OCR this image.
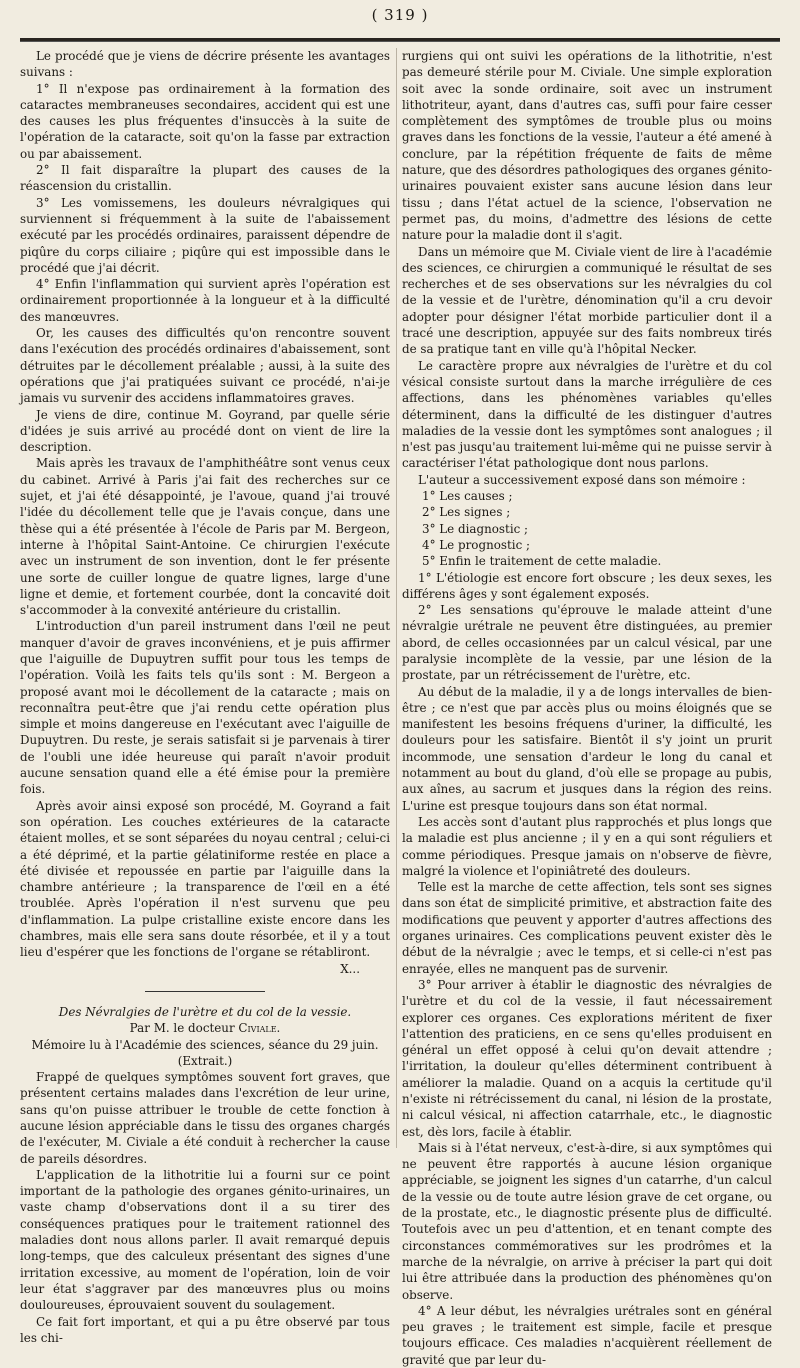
( 319 )

Le procédé que je viens de décrire présente les avantages suivans :

1° Il n'expose pas ordinairement à la formation des cataractes membraneuses secondaires, accident qui est une des causes les plus fréquentes d'insuccès à la suite de l'opération de la cataracte, soit qu'on la fasse par extraction ou par abaissement.

2° Il fait disparaître la plupart des causes de la réascension du cristallin.

3° Les vomissemens, les douleurs névralgiques qui surviennent si fréquemment à la suite de l'abaissement exécuté par les procédés ordinaires, paraissent dépendre de piqûre du corps ciliaire ; piqûre qui est impossible dans le procédé que j'ai décrit.

4° Enfin l'inflammation qui survient après l'opération est ordinairement proportionnée à la longueur et à la difficulté des manœuvres.

Or, les causes des difficultés qu'on rencontre souvent dans l'exécution des procédés ordinaires d'abaissement, sont détruites par le décollement préalable ; aussi, à la suite des opérations que j'ai pratiquées suivant ce procédé, n'ai-je jamais vu survenir des accidens inflammatoires graves.

Je viens de dire, continue M. Goyrand, par quelle série d'idées je suis arrivé au procédé dont on vient de lire la description.

Mais après les travaux de l'amphithéâtre sont venus ceux du cabinet. Arrivé à Paris j'ai fait des recherches sur ce sujet, et j'ai été désappointé, je l'avoue, quand j'ai trouvé l'idée du décollement telle que je l'avais conçue, dans une thèse qui a été présentée à l'école de Paris par M. Bergeon, interne à l'hôpital Saint-Antoine. Ce chirurgien l'exécute avec un instrument de son invention, dont le fer présente une sorte de cuiller longue de quatre lignes, large d'une ligne et demie, et fortement courbée, dont la concavité doit s'accommoder à la convexité antérieure du cristallin.

L'introduction d'un pareil instrument dans l'œil ne peut manquer d'avoir de graves inconvéniens, et je puis affirmer que l'aiguille de Dupuytren suffit pour tous les temps de l'opération. Voilà les faits tels qu'ils sont : M. Bergeon a proposé avant moi le décollement de la cataracte ; mais on reconnaîtra peut-être que j'ai rendu cette opération plus simple et moins dangereuse en l'exécutant avec l'aiguille de Dupuytren. Du reste, je serais satisfait si je parvenais à tirer de l'oubli une idée heureuse qui paraît n'avoir produit aucune sensation quand elle a été émise pour la première fois.

Après avoir ainsi exposé son procédé, M. Goyrand a fait son opération. Les couches extérieures de la cataracte étaient molles, et se sont séparées du noyau central ; celui-ci a été déprimé, et la partie gélatiniforme restée en place a été divisée et repoussée en partie par l'aiguille dans la chambre antérieure ; la transparence de l'œil en a été troublée. Après l'opération il n'est survenu que peu d'inflammation. La pulpe cristalline existe encore dans les chambres, mais elle sera sans doute résorbée, et il y a tout lieu d'espérer que les fonctions de l'organe se rétabliront.

X...

Des Névralgies de l'urètre et du col de la vessie.

Par M. le docteur Civiale.

Mémoire lu à l'Académie des sciences, séance du 29 juin.

(Extrait.)

Frappé de quelques symptômes souvent fort graves, que présentent certains malades dans l'excrétion de leur urine, sans qu'on puisse attribuer le trouble de cette fonction à aucune lésion appréciable dans le tissu des organes chargés de l'exécuter, M. Civiale a été conduit à rechercher la cause de pareils désordres.

L'application de la lithotritie lui a fourni sur ce point important de la pathologie des organes génito-urinaires, un vaste champ d'observations dont il a su tirer des conséquences pratiques pour le traitement rationnel des maladies dont nous allons parler. Il avait remarqué depuis long-temps, que des calculeux présentant des signes d'une irritation excessive, au moment de l'opération, loin de voir leur état s'aggraver par des manœuvres plus ou moins douloureuses, éprouvaient souvent du soulagement.

Ce fait fort important, et qui a pu être observé par tous les chi-

rurgiens qui ont suivi les opérations de la lithotritie, n'est pas demeuré stérile pour M. Civiale. Une simple exploration soit avec la sonde ordinaire, soit avec un instrument lithotriteur, ayant, dans d'autres cas, suffi pour faire cesser complètement des symptômes de trouble plus ou moins graves dans les fonctions de la vessie, l'auteur a été amené à conclure, par la répétition fréquente de faits de même nature, que des désordres pathologiques des organes génito-urinaires pouvaient exister sans aucune lésion dans leur tissu ; dans l'état actuel de la science, l'observation ne permet pas, du moins, d'admettre des lésions de cette nature pour la maladie dont il s'agit.

Dans un mémoire que M. Civiale vient de lire à l'académie des sciences, ce chirurgien a communiqué le résultat de ses recherches et de ses observations sur les névralgies du col de la vessie et de l'urètre, dénomination qu'il a cru devoir adopter pour désigner l'état morbide particulier dont il a tracé une description, appuyée sur des faits nombreux tirés de sa pratique tant en ville qu'à l'hôpital Necker.

Le caractère propre aux névralgies de l'urètre et du col vésical consiste surtout dans la marche irrégulière de ces affections, dans les phénomènes variables qu'elles déterminent, dans la difficulté de les distinguer d'autres maladies de la vessie dont les symptômes sont analogues ; il n'est pas jusqu'au traitement lui-même qui ne puisse servir à caractériser l'état pathologique dont nous parlons.

L'auteur a successivement exposé dans son mémoire :

1° Les causes ;

2° Les signes ;

3° Le diagnostic ;

4° Le prognostic ;

5° Enfin le traitement de cette maladie.

1° L'étiologie est encore fort obscure ; les deux sexes, les différens âges y sont également exposés.

2° Les sensations qu'éprouve le malade atteint d'une névralgie urétrale ne peuvent être distinguées, au premier abord, de celles occasionnées par un calcul vésical, par une paralysie incomplète de la vessie, par une lésion de la prostate, par un rétrécissement de l'urètre, etc.

Au début de la maladie, il y a de longs intervalles de bien-être ; ce n'est que par accès plus ou moins éloignés que se manifestent les besoins fréquens d'uriner, la difficulté, les douleurs pour les satisfaire. Bientôt il s'y joint un prurit incommode, une sensation d'ardeur le long du canal et notamment au bout du gland, d'où elle se propage au pubis, aux aînes, au sacrum et jusques dans la région des reins. L'urine est presque toujours dans son état normal.

Les accès sont d'autant plus rapprochés et plus longs que la maladie est plus ancienne ; il y en a qui sont réguliers et comme périodiques. Presque jamais on n'observe de fièvre, malgré la violence et l'opiniâtreté des douleurs.

Telle est la marche de cette affection, tels sont ses signes dans son état de simplicité primitive, et abstraction faite des modifications que peuvent y apporter d'autres affections des organes urinaires. Ces complications peuvent exister dès le début de la névralgie ; avec le temps, et si celle-ci n'est pas enrayée, elles ne manquent pas de survenir.

3° Pour arriver à établir le diagnostic des névralgies de l'urètre et du col de la vessie, il faut nécessairement explorer ces organes. Ces explorations méritent de fixer l'attention des praticiens, en ce sens qu'elles produisent en général un effet opposé à celui qu'on devait attendre ; l'irritation, la douleur qu'elles déterminent contribuent à améliorer la maladie. Quand on a acquis la certitude qu'il n'existe ni rétrécissement du canal, ni lésion de la prostate, ni calcul vésical, ni affection catarrhale, etc., le diagnostic est, dès lors, facile à établir.

Mais si à l'état nerveux, c'est-à-dire, si aux symptômes qui ne peuvent être rapportés à aucune lésion organique appréciable, se joignent les signes d'un catarrhe, d'un calcul de la vessie ou de toute autre lésion grave de cet organe, ou de la prostate, etc., le diagnostic présente plus de difficulté. Toutefois avec un peu d'attention, et en tenant compte des circonstances commémoratives sur les prodrômes et la marche de la névralgie, on arrive à préciser la part qui doit lui être attribuée dans la production des phénomènes qu'on observe.

4° A leur début, les névralgies urétrales sont en général peu graves ; le traitement est simple, facile et presque toujours efficace. Ces maladies n'acquièrent réellement de gravité que par leur du-
